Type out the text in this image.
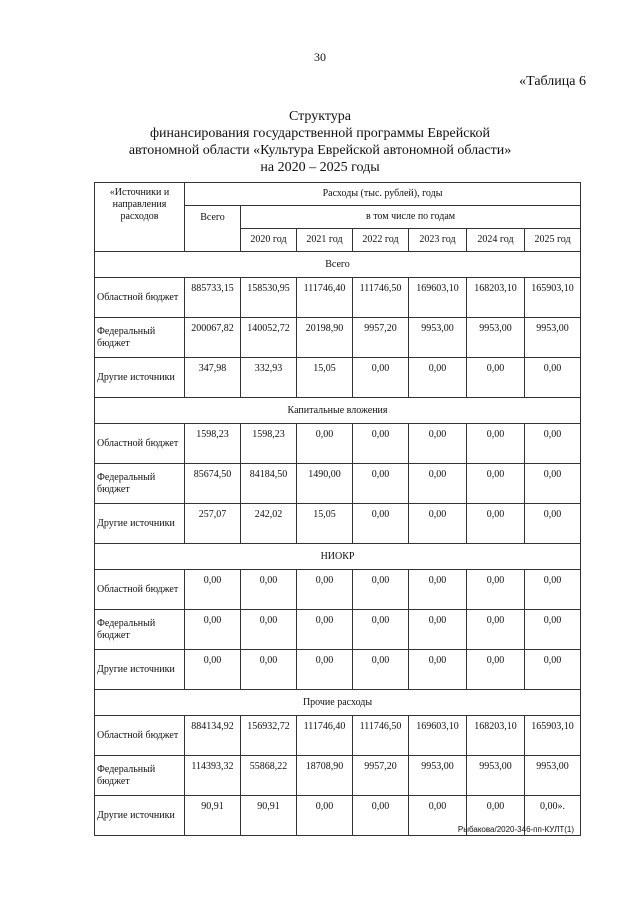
30
«Таблица 6
Структура
финансирования государственной программы Еврейской
автономной области «Культура Еврейской автономной области»
на 2020 – 2025 годы
«Источники и направления расходов	Расходы (тыс. рублей), годы						
	Всего	в том числе по годам					
		2020 год	2021 год	2022 год	2023 год	2024 год	2025 год
Всего							
Областной бюджет	885733,15	158530,95	111746,40	111746,50	169603,10	168203,10	165903,10
Федеральный бюджет	200067,82	140052,72	20198,90	9957,20	9953,00	9953,00	9953,00
Другие источники	347,98	332,93	15,05	0,00	0,00	0,00	0,00
Капитальные вложения							
Областной бюджет	1598,23	1598,23	0,00	0,00	0,00	0,00	0,00
Федеральный бюджет	85674,50	84184,50	1490,00	0,00	0,00	0,00	0,00
Другие источники	257,07	242,02	15,05	0,00	0,00	0,00	0,00
НИОКР							
Областной бюджет	0,00	0,00	0,00	0,00	0,00	0,00	0,00
Федеральный бюджет	0,00	0,00	0,00	0,00	0,00	0,00	0,00
Другие источники	0,00	0,00	0,00	0,00	0,00	0,00	0,00
Прочие расходы							
Областной бюджет	884134,92	156932,72	111746,40	111746,50	169603,10	168203,10	165903,10
Федеральный бюджет	114393,32	55868,22	18708,90	9957,20	9953,00	9953,00	9953,00
Другие источники	90,91	90,91	0,00	0,00	0,00	0,00	0,00».
Рыбакова/2020-346-пп-КУЛТ(1)
